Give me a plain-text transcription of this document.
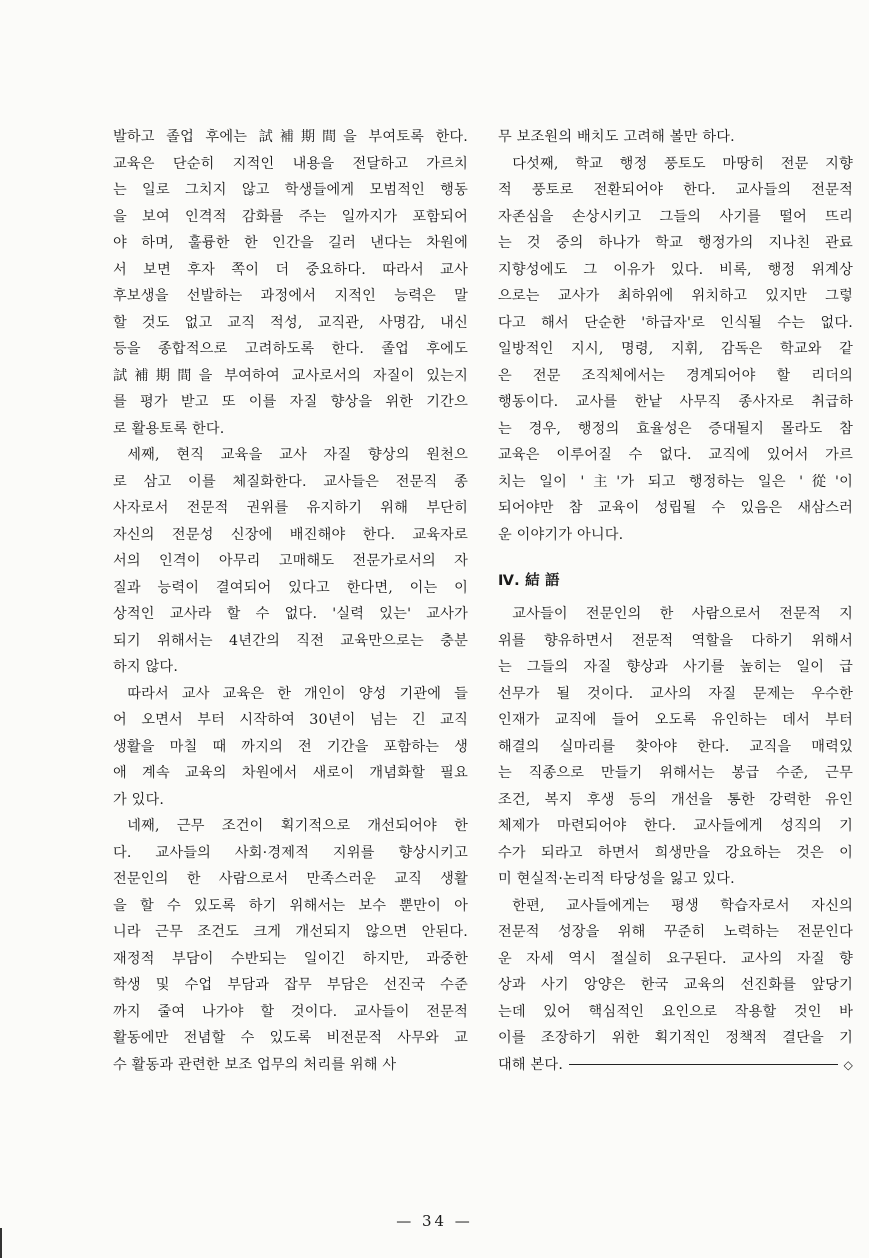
발하고 졸업 후에는 試補期間을 부여토록 한다.
교육은 단순히 지적인 내용을 전달하고 가르치
는 일로 그치지 않고 학생들에게 모범적인 행동
을 보여 인격적 감화를 주는 일까지가 포함되어
야 하며, 훌륭한 한 인간을 길러 낸다는 차원에
서 보면 후자 쪽이 더 중요하다. 따라서 교사
후보생을 선발하는 과정에서 지적인 능력은 말
할 것도 없고 교직 적성, 교직관, 사명감, 내신
등을 종합적으로 고려하도록 한다. 졸업 후에도
試補期間을 부여하여 교사로서의 자질이 있는지
를 평가 받고 또 이를 자질 향상을 위한 기간으
로 활용토록 한다.
세째, 현직 교육을 교사 자질 향상의 원천으
로 삼고 이를 체질화한다. 교사들은 전문직 종
사자로서 전문적 권위를 유지하기 위해 부단히
자신의 전문성 신장에 배진해야 한다. 교육자로
서의 인격이 아무리 고매해도 전문가로서의 자
질과 능력이 결여되어 있다고 한다면, 이는 이
상적인 교사라 할 수 없다. '실력 있는' 교사가
되기 위해서는 4년간의 직전 교육만으로는 충분
하지 않다.
따라서 교사 교육은 한 개인이 양성 기관에 들
어 오면서 부터 시작하여 30년이 넘는 긴 교직
생활을 마칠 때 까지의 전 기간을 포함하는 생
애 계속 교육의 차원에서 새로이 개념화할 필요
가 있다.
네째, 근무 조건이 획기적으로 개선되어야 한
다. 교사들의 사회·경제적 지위를 향상시키고
전문인의 한 사람으로서 만족스러운 교직 생활
을 할 수 있도록 하기 위해서는 보수 뿐만이 아
니라 근무 조건도 크게 개선되지 않으면 안된다.
재정적 부담이 수반되는 일이긴 하지만, 과중한
학생 및 수업 부담과 잡무 부담은 선진국 수준
까지 줄여 나가야 할 것이다. 교사들이 전문적
활동에만 전념할 수 있도록 비전문적 사무와 교
수 활동과 관련한 보조 업무의 처리를 위해 사
무 보조원의 배치도 고려해 볼만 하다.
다섯째, 학교 행정 풍토도 마땅히 전문 지향
적 풍토로 전환되어야 한다. 교사들의 전문적
자존심을 손상시키고 그들의 사기를 떨어 뜨리
는 것 중의 하나가 학교 행정가의 지나친 관료
지향성에도 그 이유가 있다. 비록, 행정 위계상
으로는 교사가 최하위에 위치하고 있지만 그렇
다고 해서 단순한 '하급자'로 인식될 수는 없다.
일방적인 지시, 명령, 지휘, 감독은 학교와 같
은 전문 조직체에서는 경계되어야 할 리더의
행동이다. 교사를 한낱 사무직 종사자로 취급하
는 경우, 행정의 효율성은 증대될지 몰라도 참
교육은 이루어질 수 없다. 교직에 있어서 가르
치는 일이 '主'가 되고 행정하는 일은 '從'이
되어야만 참 교육이 성립될 수 있음은 새삼스러
운 이야기가 아니다.
Ⅳ. 結 語
교사들이 전문인의 한 사람으로서 전문적 지
위를 향유하면서 전문적 역할을 다하기 위해서
는 그들의 자질 향상과 사기를 높히는 일이 급
선무가 될 것이다. 교사의 자질 문제는 우수한
인재가 교직에 들어 오도록 유인하는 데서 부터
해결의 실마리를 찾아야 한다. 교직을 매력있
는 직종으로 만들기 위해서는 봉급 수준, 근무
조건, 복지 후생 등의 개선을 통한 강력한 유인
체제가 마련되어야 한다. 교사들에게 성직의 기
수가 되라고 하면서 희생만을 강요하는 것은 이
미 현실적·논리적 타당성을 잃고 있다.
한편, 교사들에게는 평생 학습자로서 자신의
전문적 성장을 위해 꾸준히 노력하는 전문인다
운 자세 역시 절실히 요구된다. 교사의 자질 향
상과 사기 앙양은 한국 교육의 선진화를 앞당기
는데 있어 핵심적인 요인으로 작용할 것인 바
이를 조장하기 위한 획기적인 정책적 결단을 기
대해 본다.	◇
— 34 —
